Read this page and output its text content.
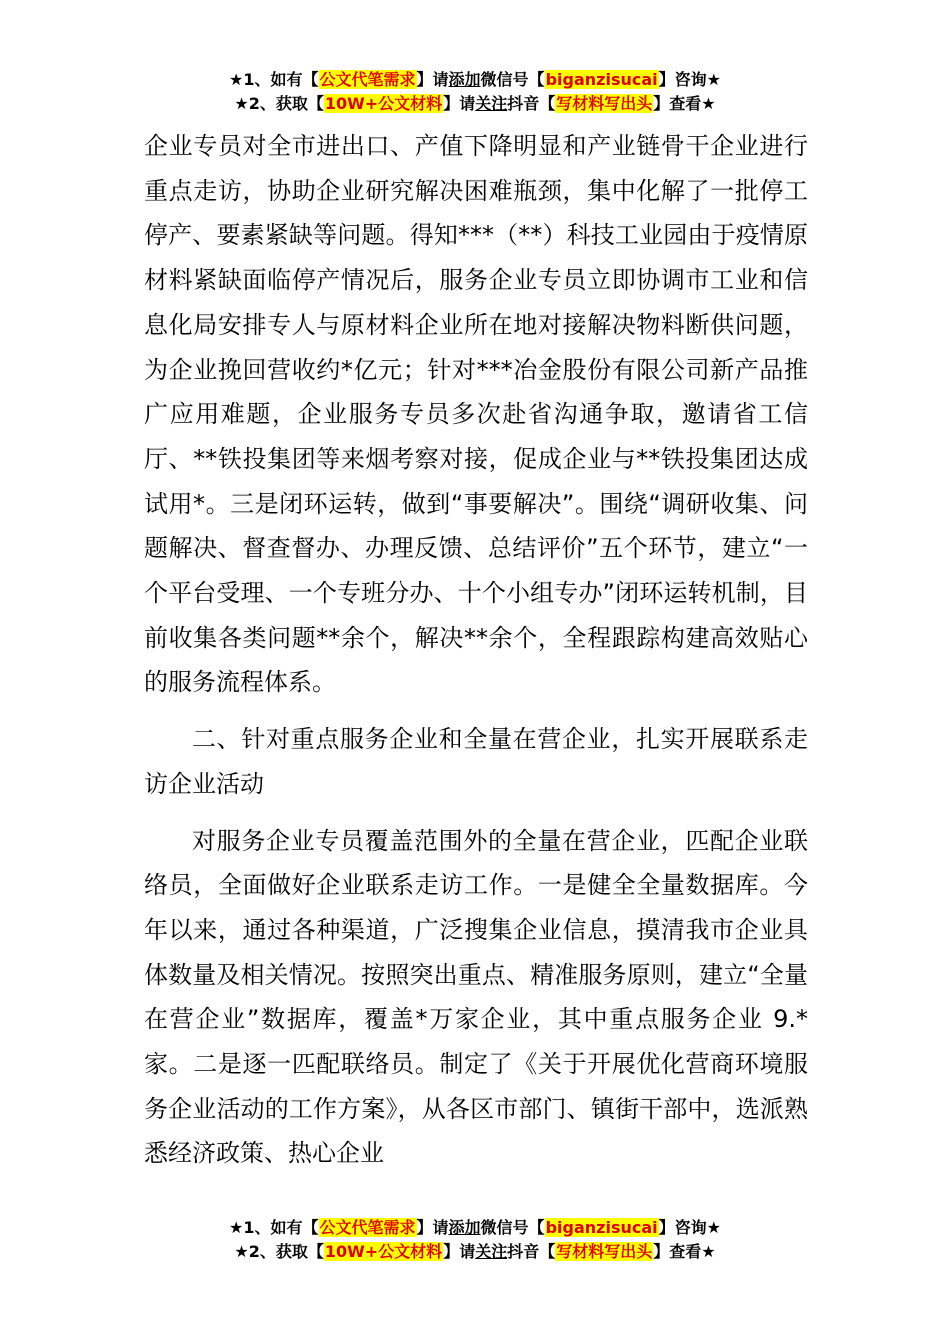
★1、如有【公文代笔需求】请添加微信号【biganzisucai】咨询★
★2、获取【10W+公文材料】请关注抖音【写材料写出头】查看★

企业专员对全市进出口、产值下降明显和产业链骨干企业进行重点走访，协助企业研究解决困难瓶颈，集中化解了一批停工停产、要素紧缺等问题。得知***（**）科技工业园由于疫情原材料紧缺面临停产情况后，服务企业专员立即协调市工业和信息化局安排专人与原材料企业所在地对接解决物料断供问题，为企业挽回营收约*亿元；针对***冶金股份有限公司新产品推广应用难题，企业服务专员多次赴省沟通争取，邀请省工信厅、**铁投集团等来烟考察对接，促成企业与**铁投集团达成试用*。三是闭环运转，做到“事要解决”。围绕“调研收集、问题解决、督查督办、办理反馈、总结评价”五个环节，建立“一个平台受理、一个专班分办、十个小组专办”闭环运转机制，目前收集各类问题**余个，解决**余个，全程跟踪构建高效贴心的服务流程体系。

二、针对重点服务企业和全量在营企业，扎实开展联系走访企业活动

对服务企业专员覆盖范围外的全量在营企业，匹配企业联络员，全面做好企业联系走访工作。一是健全全量数据库。今年以来，通过各种渠道，广泛搜集企业信息，摸清我市企业具体数量及相关情况。按照突出重点、精准服务原则，建立“全量在营企业”数据库，覆盖*万家企业，其中重点服务企业 9.*家。二是逐一匹配联络员。制定了《关于开展优化营商环境服务企业活动的工作方案》，从各区市部门、镇街干部中，选派熟悉经济政策、热心企业

★1、如有【公文代笔需求】请添加微信号【biganzisucai】咨询★
★2、获取【10W+公文材料】请关注抖音【写材料写出头】查看★
